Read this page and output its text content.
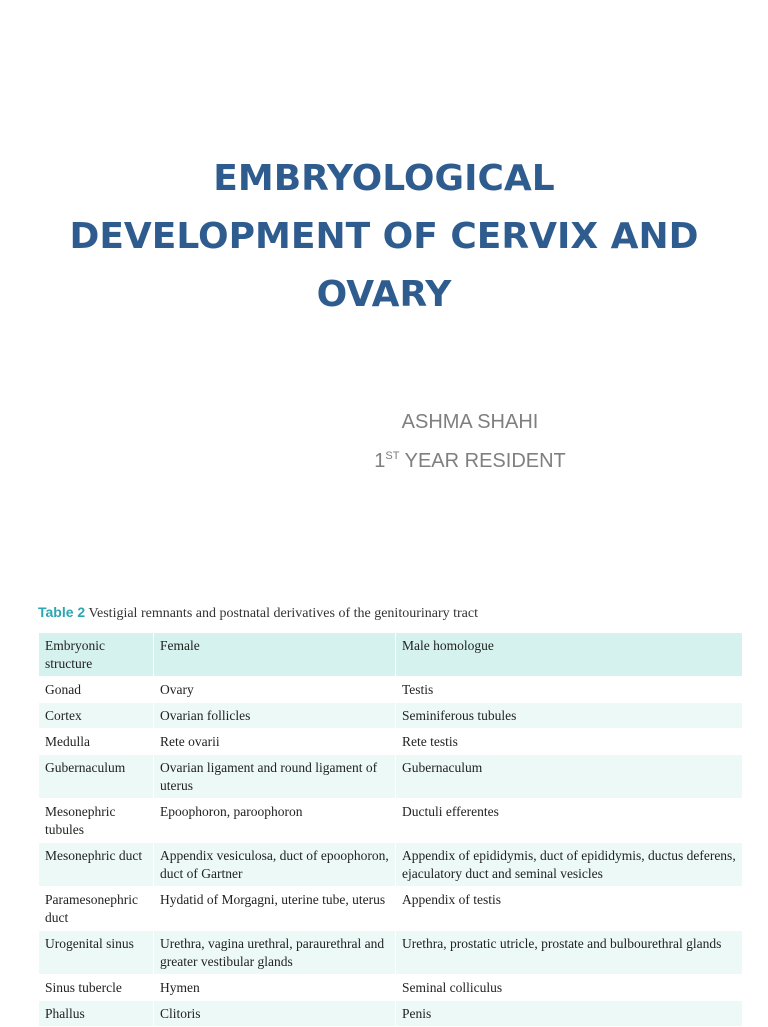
EMBRYOLOGICAL
DEVELOPMENT OF CERVIX AND
OVARY
ASHMA SHAHI
1ST YEAR RESIDENT
Table 2 Vestigial remnants and postnatal derivatives of the genitourinary tract
Embryonic structure	Female	Male homologue
Gonad	Ovary	Testis
Cortex	Ovarian follicles	Seminiferous tubules
Medulla	Rete ovarii	Rete testis
Gubernaculum	Ovarian ligament and round ligament of uterus	Gubernaculum
Mesonephric tubules	Epoophoron, paroophoron	Ductuli efferentes
Mesonephric duct	Appendix vesiculosa, duct of epoophoron, duct of Gartner	Appendix of epididymis, duct of epididymis, ductus deferens, ejaculatory duct and seminal vesicles
Paramesonephric duct	Hydatid of Morgagni, uterine tube, uterus	Appendix of testis
Urogenital sinus	Urethra, vagina urethral, paraurethral and greater vestibular glands	Urethra, prostatic utricle, prostate and bulbourethral glands
Sinus tubercle	Hymen	Seminal colliculus
Phallus	Clitoris	Penis
